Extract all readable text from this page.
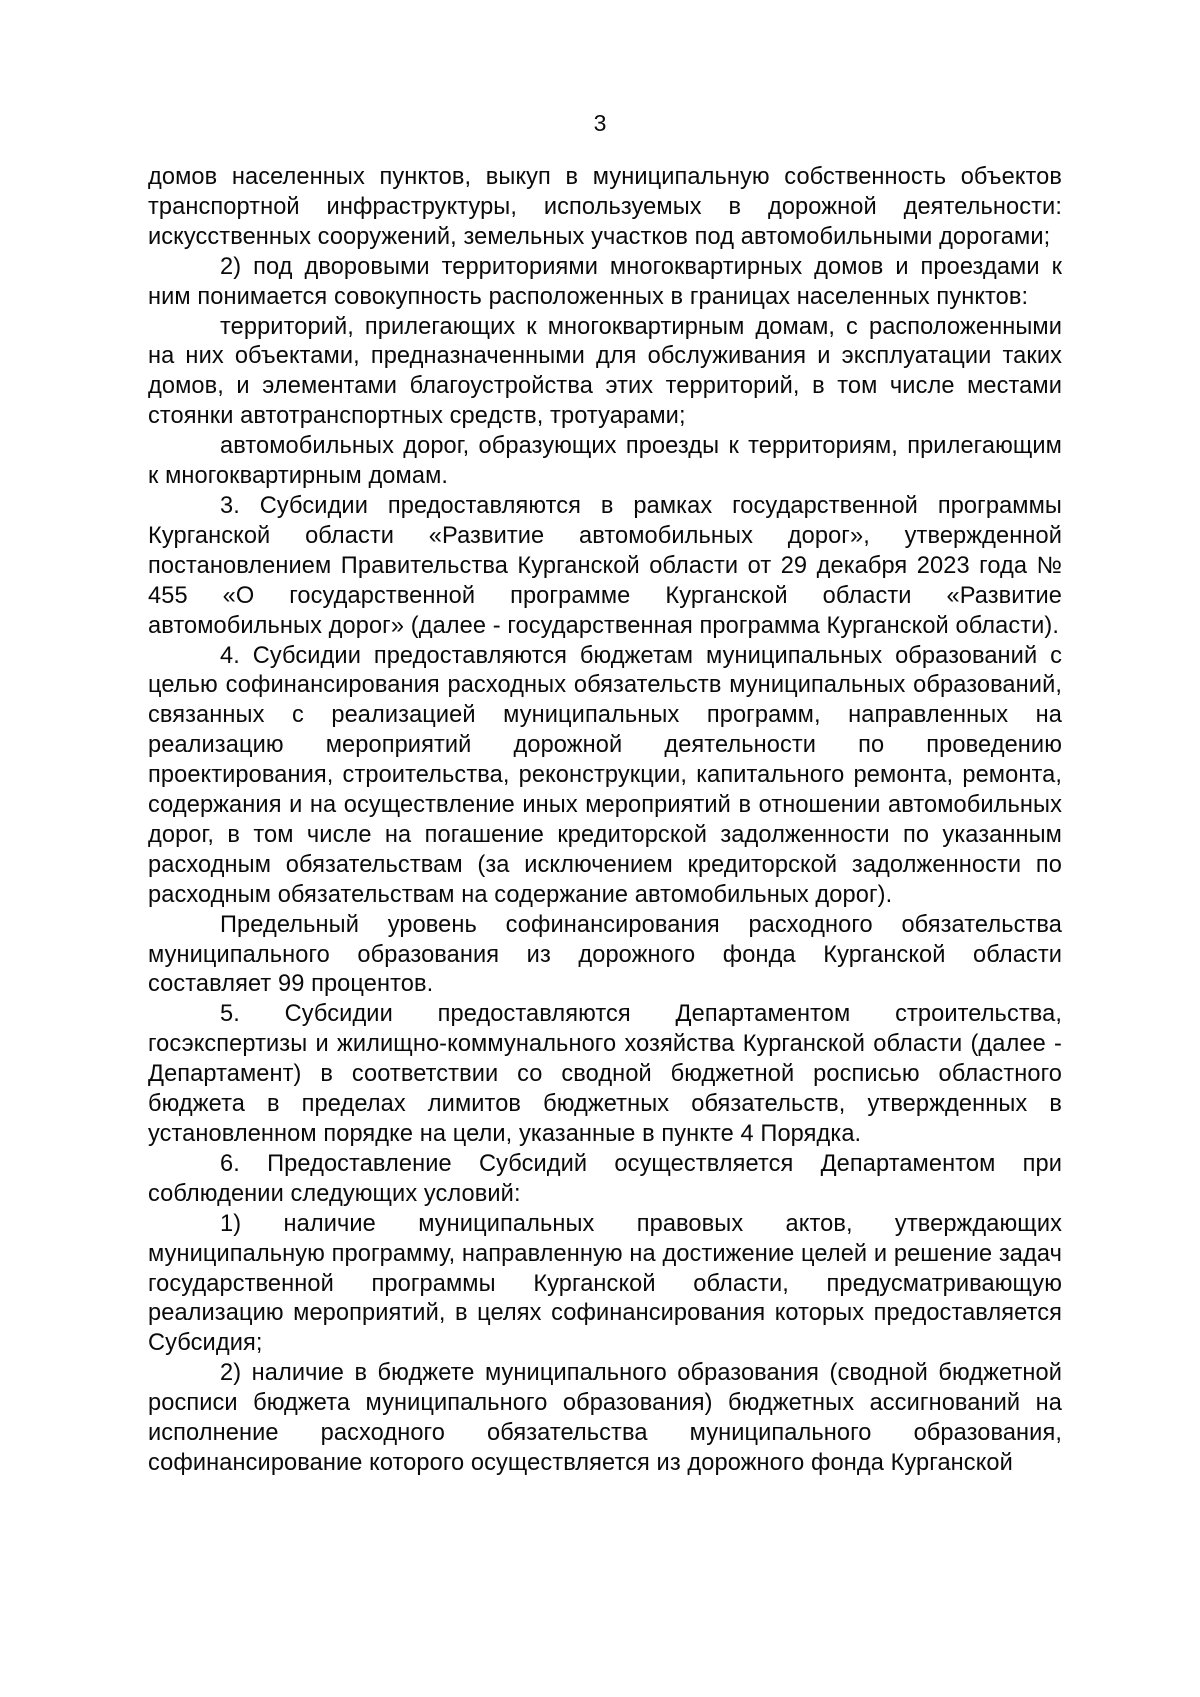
3

домов населенных пунктов, выкуп в муниципальную собственность объектов транспортной инфраструктуры, используемых в дорожной деятельности: искусственных сооружений, земельных участков под автомобильными дорогами;

2) под дворовыми территориями многоквартирных домов и проездами к ним понимается совокупность расположенных в границах населенных пунктов:

территорий, прилегающих к многоквартирным домам, с расположенными на них объектами, предназначенными для обслуживания и эксплуатации таких домов, и элементами благоустройства этих территорий, в том числе местами стоянки автотранспортных средств, тротуарами;

автомобильных дорог, образующих проезды к территориям, прилегающим к многоквартирным домам.

3. Субсидии предоставляются в рамках государственной программы Курганской области «Развитие автомобильных дорог», утвержденной постановлением Правительства Курганской области от 29 декабря 2023 года № 455 «О государственной программе Курганской области «Развитие автомобильных дорог» (далее - государственная программа Курганской области).

4. Субсидии предоставляются бюджетам муниципальных образований с целью софинансирования расходных обязательств муниципальных образований, связанных с реализацией муниципальных программ, направленных на реализацию мероприятий дорожной деятельности по проведению проектирования, строительства, реконструкции, капитального ремонта, ремонта, содержания и на осуществление иных мероприятий в отношении автомобильных дорог, в том числе на погашение кредиторской задолженности по указанным расходным обязательствам (за исключением кредиторской задолженности по расходным обязательствам на содержание автомобильных дорог).

Предельный уровень софинансирования расходного обязательства муниципального образования из дорожного фонда Курганской области составляет 99 процентов.

5. Субсидии предоставляются Департаментом строительства, госэкспертизы и жилищно-коммунального хозяйства Курганской области (далее - Департамент) в соответствии со сводной бюджетной росписью областного бюджета в пределах лимитов бюджетных обязательств, утвержденных в установленном порядке на цели, указанные в пункте 4 Порядка.

6. Предоставление Субсидий осуществляется Департаментом при соблюдении следующих условий:

1) наличие муниципальных правовых актов, утверждающих муниципальную программу, направленную на достижение целей и решение задач государственной программы Курганской области, предусматривающую реализацию мероприятий, в целях софинансирования которых предоставляется Субсидия;

2) наличие в бюджете муниципального образования (сводной бюджетной росписи бюджета муниципального образования) бюджетных ассигнований на исполнение расходного обязательства муниципального образования, софинансирование которого осуществляется из дорожного фонда Курганской
